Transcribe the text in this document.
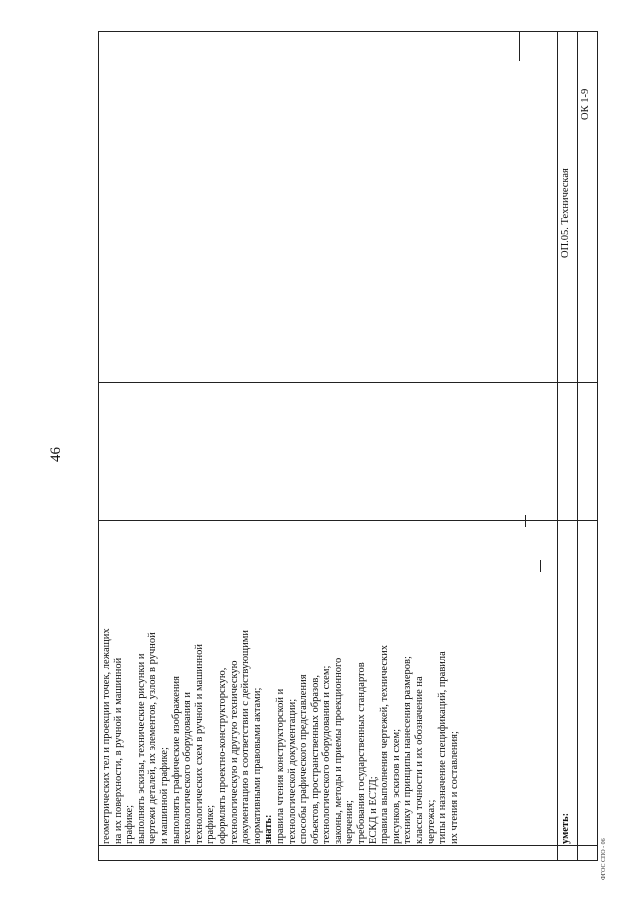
46
ФГОС СПО - 06
геометрических тел и проекции точек, лежащих на их поверхности, в ручной и машинной графике; выполнять эскизы, технические рисунки и чертежи деталей, их элементов, узлов в ручной и машинной графике; выполнять графические изображения технологического оборудования и технологических схем в ручной и машинной графике; оформлять проектно-конструкторскую, технологическую и другую техническую документацию в соответствии с действующими нормативными правовыми актами; знать: правила чтения конструкторской и технологической документации; способы графического представления объектов, пространственных образов, технологического оборудования и схем; законы, методы и приемы проекционного черчения; требования государственных стандартов ЕСКД и ЕСТД; правила выполнения чертежей, технических рисунков, эскизов и схем; технику и принципы нанесения размеров; классы точности и их обозначение на чертежах; типы и назначение спецификаций, правила их чтения и составления;	уметь:
ОП.05. Техническая
ОК 1-9
